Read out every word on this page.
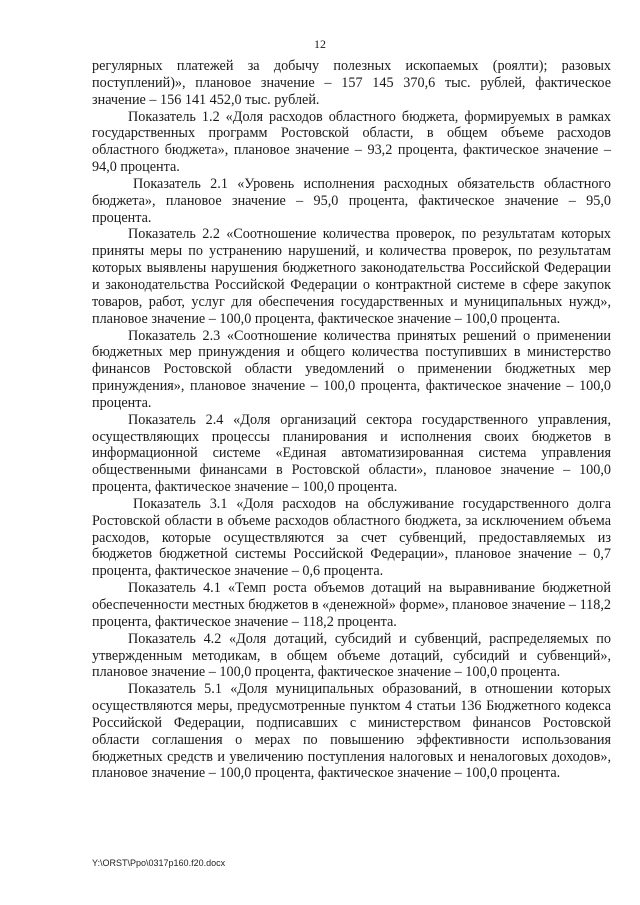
12

регулярных платежей за добычу полезных ископаемых (роялти); разовых поступлений)», плановое значение – 157 145 370,6 тыс. рублей, фактическое значение – 156 141 452,0 тыс. рублей.

Показатель 1.2 «Доля расходов областного бюджета, формируемых в рамках государственных программ Ростовской области, в общем объеме расходов областного бюджета», плановое значение – 93,2 процента, фактическое значение – 94,0 процента.

Показатель 2.1 «Уровень исполнения расходных обязательств областного бюджета», плановое значение – 95,0 процента, фактическое значение – 95,0 процента.

Показатель 2.2 «Соотношение количества проверок, по результатам которых приняты меры по устранению нарушений, и количества проверок, по результатам которых выявлены нарушения бюджетного законодательства Российской Федерации и законодательства Российской Федерации о контрактной системе в сфере закупок товаров, работ, услуг для обеспечения государственных и муниципальных нужд», плановое значение – 100,0 процента, фактическое значение – 100,0 процента.

Показатель 2.3 «Соотношение количества принятых решений о применении бюджетных мер принуждения и общего количества поступивших в министерство финансов Ростовской области уведомлений о применении бюджетных мер принуждения», плановое значение – 100,0 процента, фактическое значение – 100,0 процента.

Показатель 2.4 «Доля организаций сектора государственного управления, осуществляющих процессы планирования и исполнения своих бюджетов в информационной системе «Единая автоматизированная система управления общественными финансами в Ростовской области», плановое значение – 100,0 процента, фактическое значение – 100,0 процента.

Показатель 3.1 «Доля расходов на обслуживание государственного долга Ростовской области в объеме расходов областного бюджета, за исключением объема расходов, которые осуществляются за счет субвенций, предоставляемых из бюджетов бюджетной системы Российской Федерации», плановое значение – 0,7 процента, фактическое значение – 0,6 процента.

Показатель 4.1 «Темп роста объемов дотаций на выравнивание бюджетной обеспеченности местных бюджетов в «денежной» форме», плановое значение – 118,2 процента, фактическое значение – 118,2 процента.

Показатель 4.2 «Доля дотаций, субсидий и субвенций, распределяемых по утвержденным методикам, в общем объеме дотаций, субсидий и субвенций», плановое значение – 100,0 процента, фактическое значение – 100,0 процента.

Показатель 5.1 «Доля муниципальных образований, в отношении которых осуществляются меры, предусмотренные пунктом 4 статьи 136 Бюджетного кодекса Российской Федерации, подписавших с министерством финансов Ростовской области соглашения о мерах по повышению эффективности использования бюджетных средств и увеличению поступления налоговых и неналоговых доходов», плановое значение – 100,0 процента, фактическое значение – 100,0 процента.

Y:\ORST\Ppo\0317p160.f20.docx
